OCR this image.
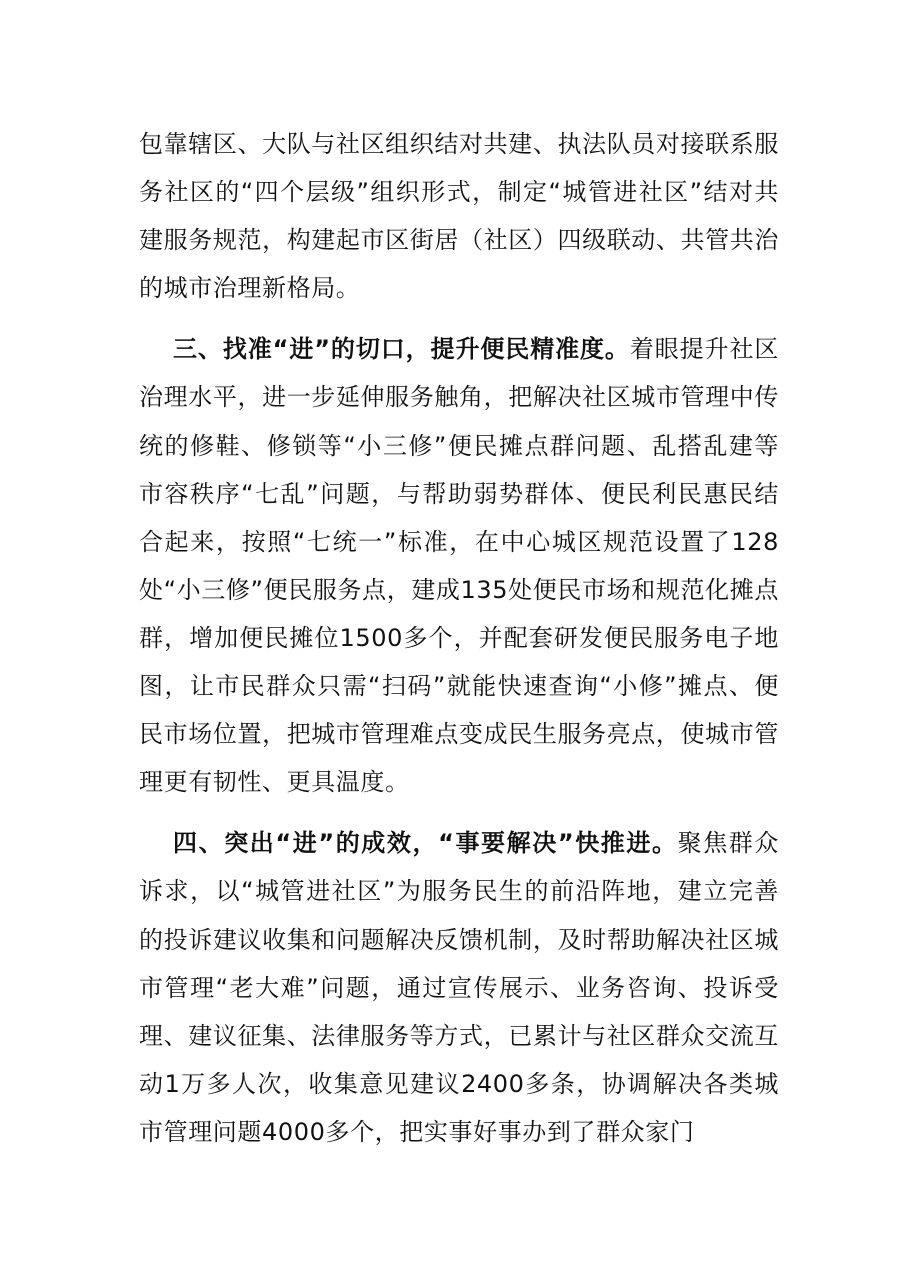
包靠辖区、大队与社区组织结对共建、执法队员对接联系服务社区的“四个层级”组织形式，制定“城管进社区”结对共建服务规范，构建起市区街居（社区）四级联动、共管共治的城市治理新格局。

三、找准“进”的切口，提升便民精准度。着眼提升社区治理水平，进一步延伸服务触角，把解决社区城市管理中传统的修鞋、修锁等“小三修”便民摊点群问题、乱搭乱建等市容秩序“七乱”问题，与帮助弱势群体、便民利民惠民结合起来，按照“七统一”标准，在中心城区规范设置了128处“小三修”便民服务点，建成135处便民市场和规范化摊点群，增加便民摊位1500多个，并配套研发便民服务电子地图，让市民群众只需“扫码”就能快速查询“小修”摊点、便民市场位置，把城市管理难点变成民生服务亮点，使城市管理更有韧性、更具温度。

四、突出“进”的成效，“事要解决”快推进。聚焦群众诉求，以“城管进社区”为服务民生的前沿阵地，建立完善的投诉建议收集和问题解决反馈机制，及时帮助解决社区城市管理“老大难”问题，通过宣传展示、业务咨询、投诉受理、建议征集、法律服务等方式，已累计与社区群众交流互动1万多人次，收集意见建议2400多条，协调解决各类城市管理问题4000多个，把实事好事办到了群众家门
